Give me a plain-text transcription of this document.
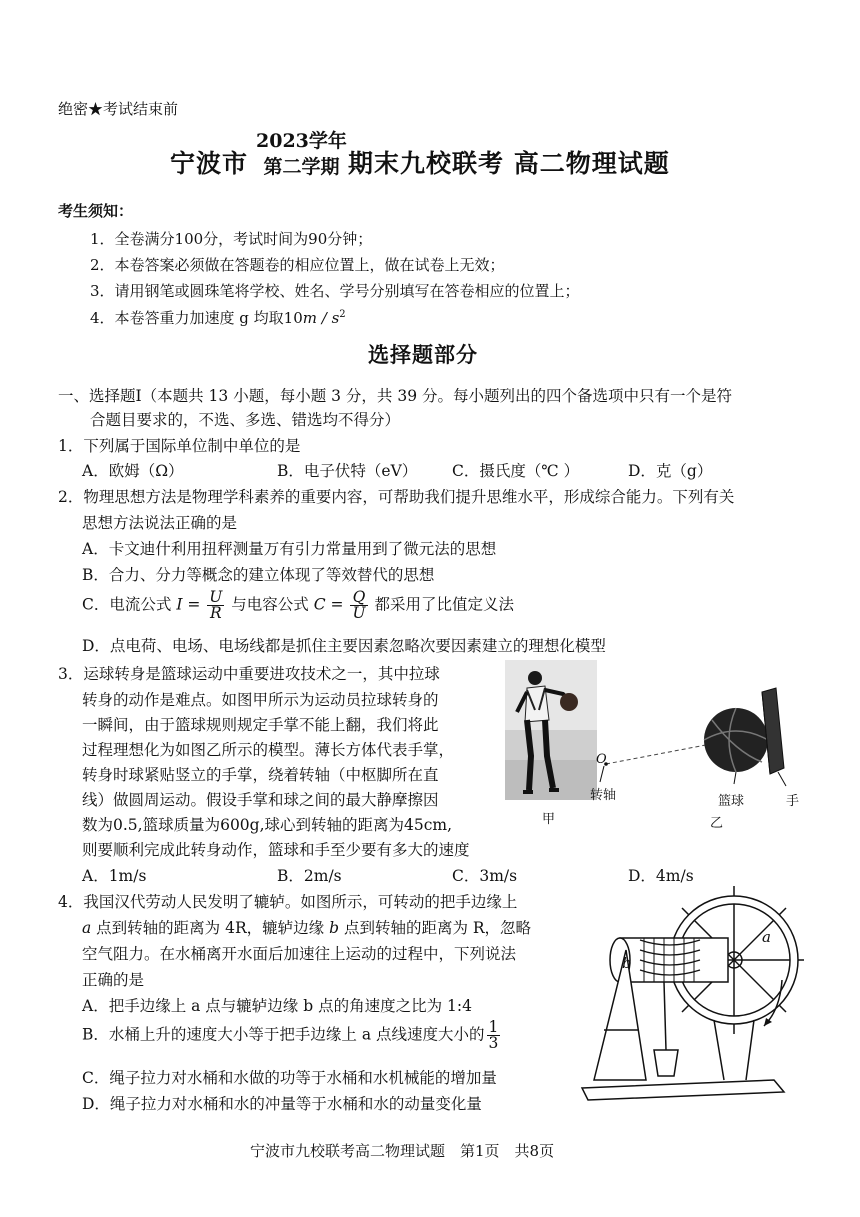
绝密★考试结束前
宁波市
2023学年
第二学期 期末九校联考 高二物理试题
考生须知：
1．全卷满分100分，考试时间为90分钟；
2．本卷答案必须做在答题卷的相应位置上，做在试卷上无效；
3．请用钢笔或圆珠笔将学校、姓名、学号分别填写在答卷相应的位置上；
4．本卷答重力加速度 g 均取$10m / s^2$
选择题部分
一、选择题Ⅰ（本题共 13 小题，每小题 3 分，共 39 分。每小题列出的四个备选项中只有一个是符
合题目要求的，不选、多选、错选均不得分）
1．下列属于国际单位制中单位的是
A．欧姆（Ω）	B．电子伏特（eV） C．摄氏度（℃ ）	D．克（g）
2．物理思想方法是物理学科素养的重要内容，可帮助我们提升思维水平，形成综合能力。下列有关
思想方法说法正确的是
A．卡文迪什利用扭秤测量万有引力常量用到了微元法的思想
B．合力、分力等概念的建立体现了等效替代的思想
C．电流公式 $I = \frac{U}{R}$ 与电容公式 $C = \frac{Q}{U}$ 都采用了比值定义法
D．点电荷、电场、电场线都是抓住主要因素忽略次要因素建立的理想化模型
3．运球转身是篮球运动中重要进攻技术之一，其中拉球
转身的动作是难点。如图甲所示为运动员拉球转身的
一瞬间，由于篮球规则规定手掌不能上翻，我们将此
过程理想化为如图乙所示的模型。薄长方体代表手掌，
转身时球紧贴竖立的手掌，绕着转轴（中枢脚所在直
线）做圆周运动。假设手掌和球之间的最大静摩擦因
数为0.5,篮球质量为600g,球心到转轴的距离为45cm,
则要顺利完成此转身动作，篮球和手至少要有多大的速度
A．1m/s	B．2m/s	C．3m/s	D．4m/s
甲
O
转轴	篮球	手
乙
4．我国汉代劳动人民发明了辘轳。如图所示，可转动的把手边缘上
a 点到转轴的距离为 4R，辘轳边缘 b 点到转轴的距离为 R，忽略
空气阻力。在水桶离开水面后加速往上运动的过程中，下列说法
正确的是
A．把手边缘上 a 点与辘轳边缘 b 点的角速度之比为 1:4
B．水桶上升的速度大小等于把手边缘上 a 点线速度大小的 $\frac{1}{3}$
C．绳子拉力对水桶和水做的功等于水桶和水机械能的增加量
D．绳子拉力对水桶和水的冲量等于水桶和水的动量变化量
a
b
宁波市九校联考高二物理试题　第1页　共8页
